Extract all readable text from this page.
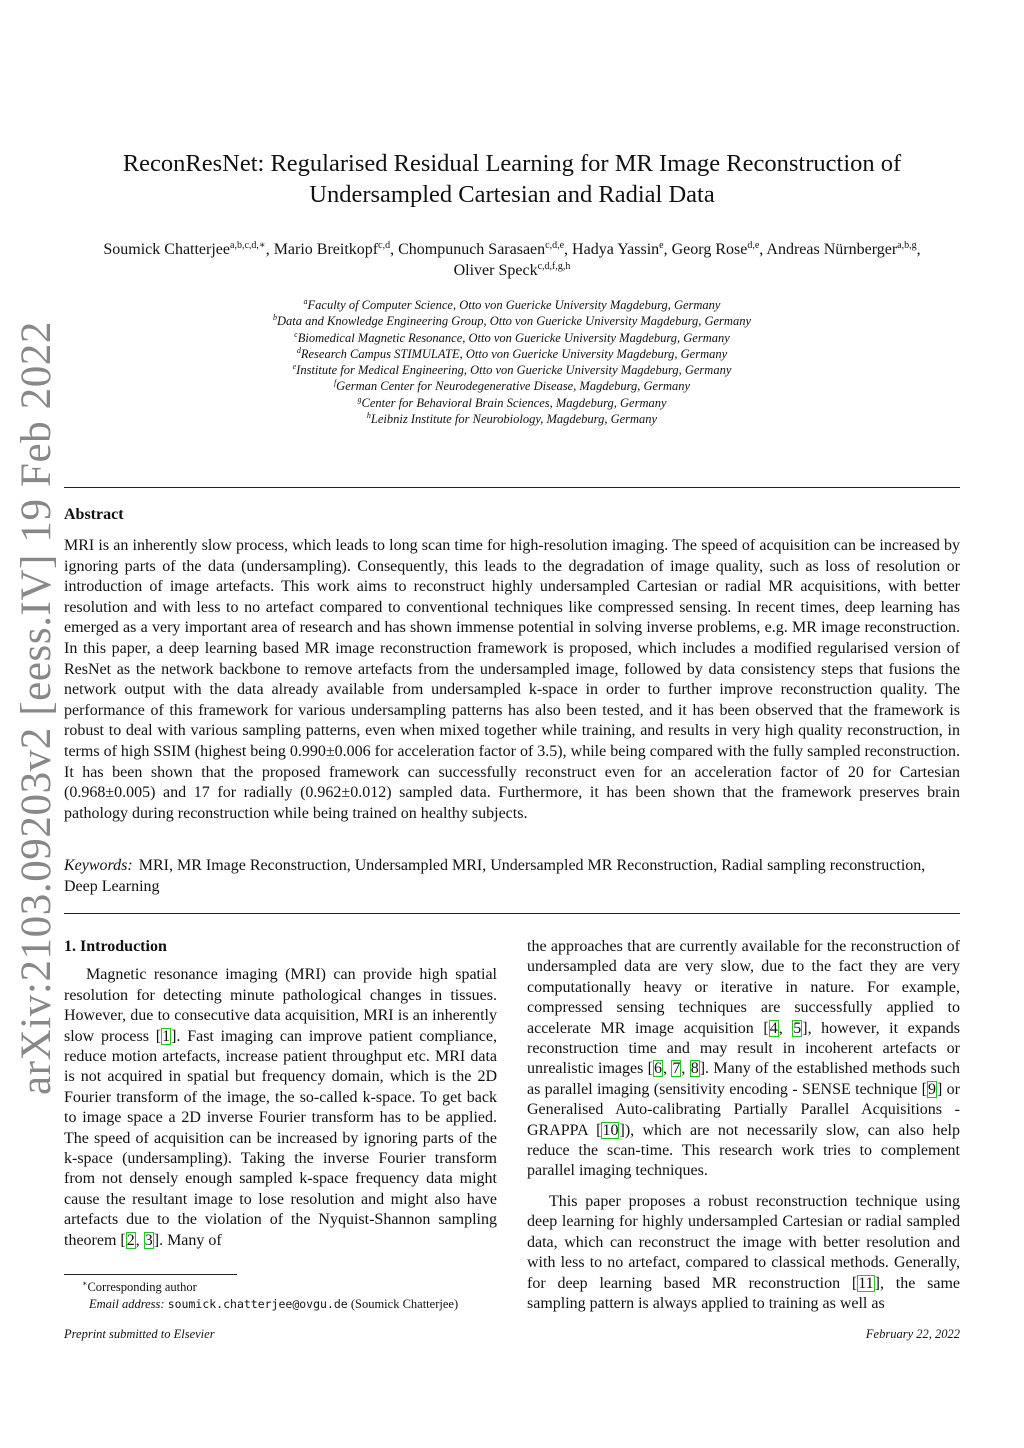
arXiv:2103.09203v2 [eess.IV] 19 Feb 2022
ReconResNet: Regularised Residual Learning for MR Image Reconstruction of
Undersampled Cartesian and Radial Data
Soumick Chatterjee$^{a,b,c,d,∗}$, Mario Breitkopf$^{c,d}$, Chompunuch Sarasaen$^{c,d,e}$, Hadya Yassin$^e$, Georg Rose$^{d,e}$, Andreas Nürnberger$^{a,b,g}$,
Oliver Speck$^{c,d,f,g,h}$
$^a$Faculty of Computer Science, Otto von Guericke University Magdeburg, Germany
$^b$Data and Knowledge Engineering Group, Otto von Guericke University Magdeburg, Germany
$^c$Biomedical Magnetic Resonance, Otto von Guericke University Magdeburg, Germany
$^d$Research Campus STIMULATE, Otto von Guericke University Magdeburg, Germany
$^e$Institute for Medical Engineering, Otto von Guericke University Magdeburg, Germany
$^f$German Center for Neurodegenerative Disease, Magdeburg, Germany
$^g$Center for Behavioral Brain Sciences, Magdeburg, Germany
$^h$Leibniz Institute for Neurobiology, Magdeburg, Germany
Abstract
MRI is an inherently slow process, which leads to long scan time for high-resolution imaging. The speed of acquisition can be increased by ignoring parts of the data (undersampling). Consequently, this leads to the degradation of image quality, such as loss of resolution or introduction of image artefacts. This work aims to reconstruct highly undersampled Cartesian or radial MR acquisitions, with better resolution and with less to no artefact compared to conventional techniques like compressed sensing. In recent times, deep learning has emerged as a very important area of research and has shown immense potential in solving inverse problems, e.g. MR image reconstruction. In this paper, a deep learning based MR image reconstruction framework is proposed, which includes a modified regularised version of ResNet as the network backbone to remove artefacts from the undersampled image, followed by data consistency steps that fusions the network output with the data already available from undersampled k-space in order to further improve reconstruction quality. The performance of this framework for various undersampling patterns has also been tested, and it has been observed that the framework is robust to deal with various sampling patterns, even when mixed together while training, and results in very high quality reconstruction, in terms of high SSIM (highest being 0.990±0.006 for acceleration factor of 3.5), while being compared with the fully sampled reconstruction. It has been shown that the proposed framework can successfully reconstruct even for an acceleration factor of 20 for Cartesian (0.968±0.005) and 17 for radially (0.962±0.012) sampled data. Furthermore, it has been shown that the framework preserves brain pathology during reconstruction while being trained on healthy subjects.
Keywords: MRI, MR Image Reconstruction, Undersampled MRI, Undersampled MR Reconstruction, Radial sampling reconstruction, Deep Learning
1. Introduction

Magnetic resonance imaging (MRI) can provide high spatial resolution for detecting minute pathological changes in tissues. However, due to consecutive data acquisition, MRI is an inherently slow process [1]. Fast imaging can improve patient compliance, reduce motion artefacts, increase patient throughput etc. MRI data is not acquired in spatial but frequency domain, which is the 2D Fourier transform of the image, the so-called k-space. To get back to image space a 2D inverse Fourier transform has to be applied. The speed of acquisition can be increased by ignoring parts of the k-space (undersampling). Taking the inverse Fourier transform from not densely enough sampled k-space frequency data might cause the resultant image to lose resolution and might also have artefacts due to the violation of the Nyquist-Shannon sampling theorem [2, 3]. Many of

the approaches that are currently available for the reconstruction of undersampled data are very slow, due to the fact they are very computationally heavy or iterative in nature. For example, compressed sensing techniques are successfully applied to accelerate MR image acquisition [4, 5], however, it expands reconstruction time and may result in incoherent artefacts or unrealistic images [6, 7, 8]. Many of the established methods such as parallel imaging (sensitivity encoding - SENSE technique [9] or Generalised Auto-calibrating Partially Parallel Acquisitions - GRAPPA [10]), which are not necessarily slow, can also help reduce the scan-time. This research work tries to complement parallel imaging techniques.

This paper proposes a robust reconstruction technique using deep learning for highly undersampled Cartesian or radial sampled data, which can reconstruct the image with better resolution and with less to no artefact, compared to classical methods. Generally, for deep learning based MR reconstruction [11], the same sampling pattern is always applied to training as well as

∗Corresponding author
Email address: soumick.chatterjee@ovgu.de (Soumick Chatterjee)
Preprint submitted to Elsevier	February 22, 2022
